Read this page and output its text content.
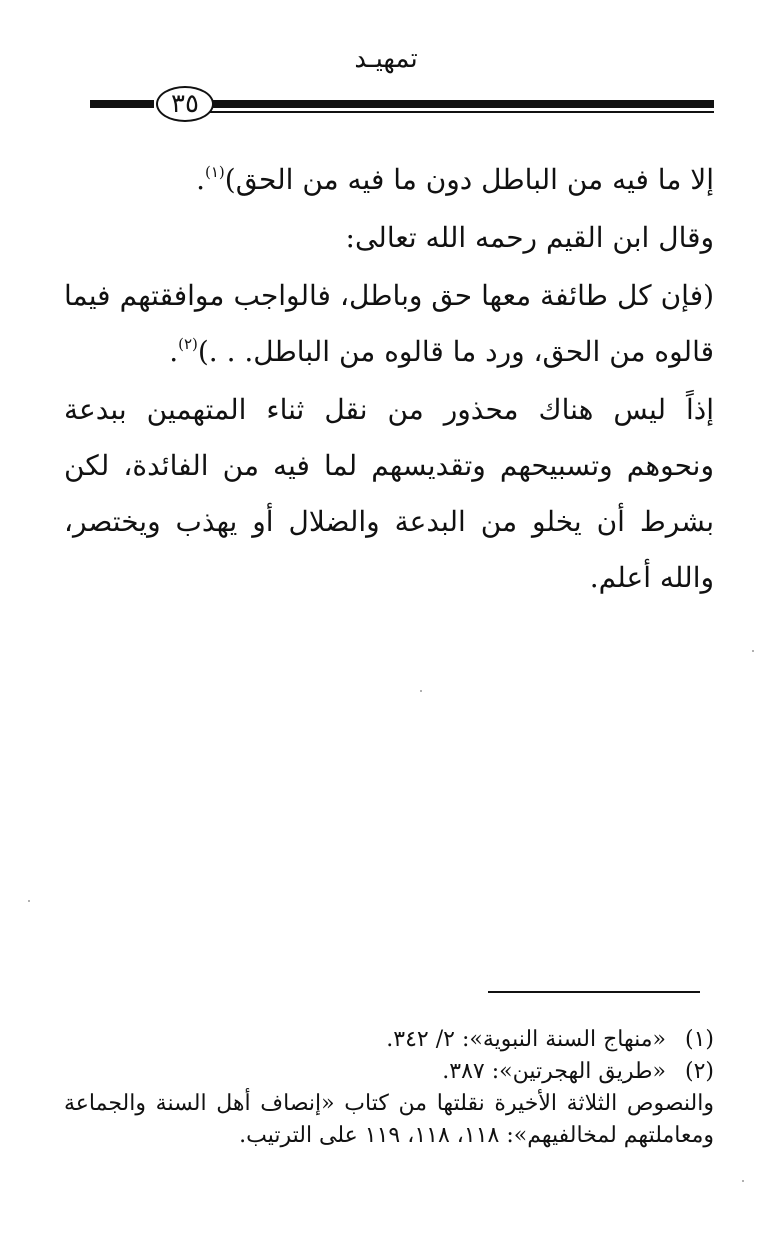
تمهيـد
٣٥

إلا ما فيه من الباطل دون ما فيه من الحق)$^{(١)}$.

وقال ابن القيم رحمه الله تعالى:

(فإن كل طائفة معها حق وباطل، فالواجب موافقتهم فيما قالوه من الحق، ورد ما قالوه من الباطل. . .)$^{(٢)}$.

إذاً ليس هناك محذور من نقل ثناء المتهمين ببدعة ونحوهم وتسبيحهم وتقديسهم لما فيه من الفائدة، لكن بشرط أن يخلو من البدعة والضلال أو يهذب ويختصر، والله أعلم.

(١)
«منهاج السنة النبوية»: ٢/ ٣٤٢.
(٢)
«طريق الهجرتين»: ٣٨٧.
والنصوص الثلاثة الأخيرة نقلتها من كتاب «إنصاف أهل السنة والجماعة ومعاملتهم لمخالفيهم»: ١١٨، ١١٨، ١١٩ على الترتيب.
